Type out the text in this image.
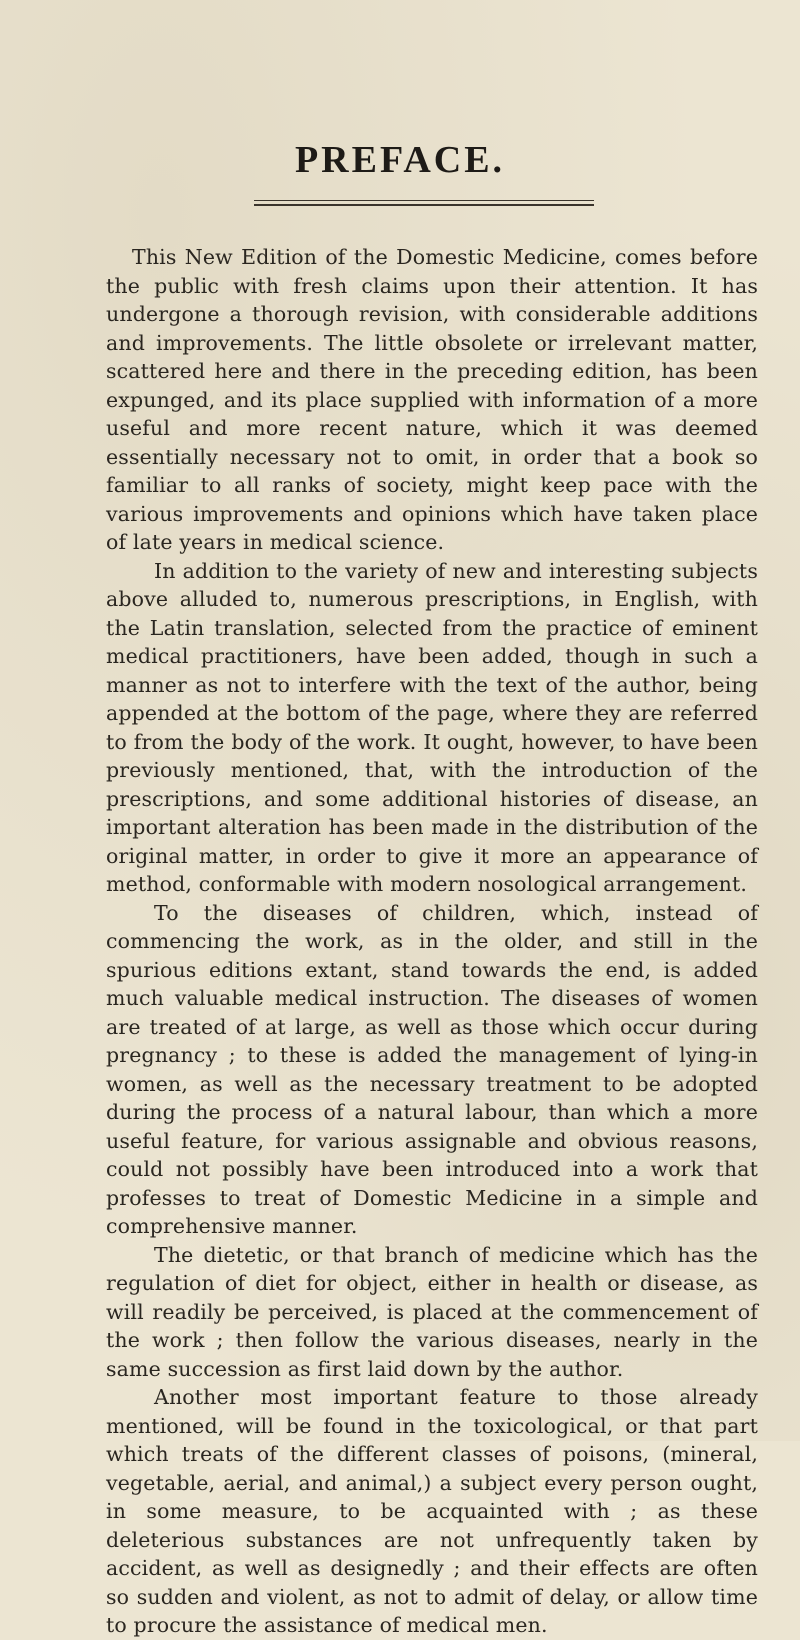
PREFACE.

This New Edition of the Domestic Medicine, comes before the public with fresh claims upon their attention. It has undergone a thorough revision, with considerable additions and improvements. The little obsolete or irrelevant matter, scattered here and there in the preceding edition, has been expunged, and its place supplied with information of a more useful and more recent nature, which it was deemed essentially necessary not to omit, in order that a book so familiar to all ranks of society, might keep pace with the various improvements and opinions which have taken place of late years in medical science.

In addition to the variety of new and interesting subjects above alluded to, numerous prescriptions, in English, with the Latin translation, selected from the practice of eminent medical practitioners, have been added, though in such a manner as not to interfere with the text of the author, being appended at the bottom of the page, where they are referred to from the body of the work. It ought, however, to have been previously mentioned, that, with the introduction of the prescriptions, and some additional histories of disease, an important alteration has been made in the distribution of the original matter, in order to give it more an appearance of method, conformable with modern nosological arrangement.

To the diseases of children, which, instead of commencing the work, as in the older, and still in the spurious editions extant, stand towards the end, is added much valuable medical instruction. The diseases of women are treated of at large, as well as those which occur during pregnancy ; to these is added the management of lying-in women, as well as the necessary treatment to be adopted during the process of a natural labour, than which a more useful feature, for various assignable and obvious reasons, could not possibly have been introduced into a work that professes to treat of Domestic Medicine in a simple and comprehensive manner.

The dietetic, or that branch of medicine which has the regulation of diet for object, either in health or disease, as will readily be perceived, is placed at the commencement of the work ; then follow the various diseases, nearly in the same succession as first laid down by the author.

Another most important feature to those already mentioned, will be found in the toxicological, or that part which treats of the different classes of poisons, (mineral, vegetable, aerial, and animal,) a subject every person ought, in some measure, to be acquainted with ; as these deleterious substances are not unfrequently taken by accident, as well as designedly ; and their effects are often so sudden and violent, as not to admit of delay, or allow time to procure the assistance of medical men.
